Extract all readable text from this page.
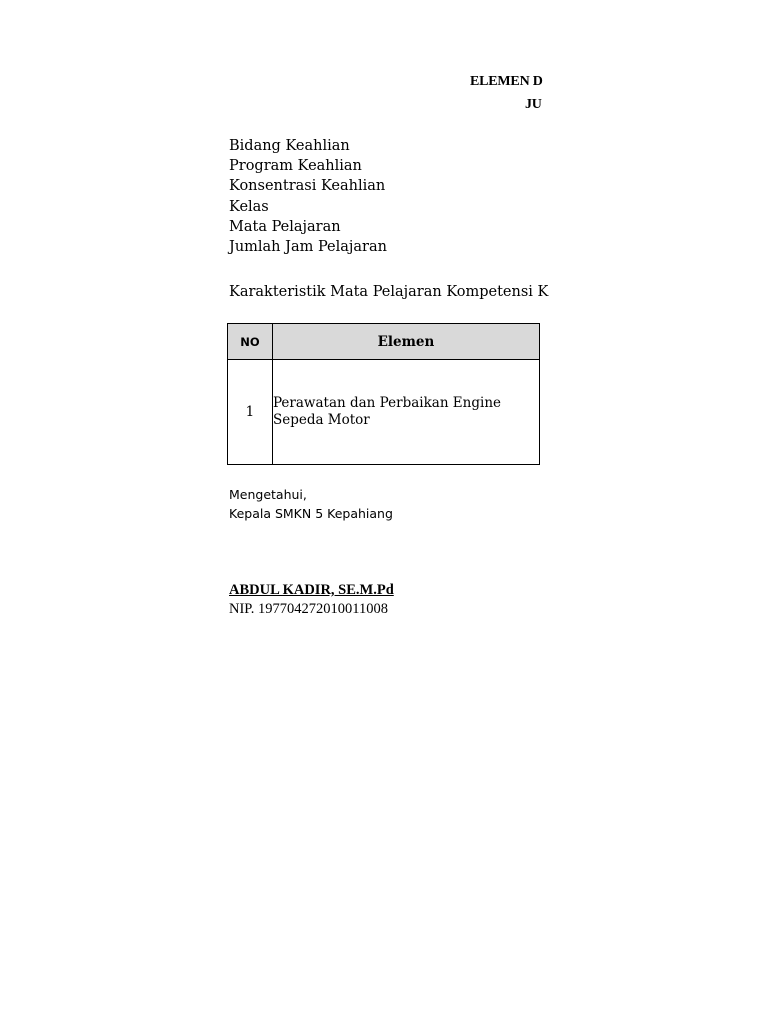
ELEMEN D
JU
Bidang Keahlian
Program Keahlian
Konsentrasi Keahlian
Kelas
Mata Pelajaran
Jumlah Jam Pelajaran
Karakteristik Mata Pelajaran Kompetensi K
NO	Elemen
1	Perawatan dan Perbaikan Engine Sepeda Motor
Mengetahui,
Kepala SMKN 5 Kepahiang
ABDUL KADIR, SE.M.Pd
NIP. 197704272010011008
